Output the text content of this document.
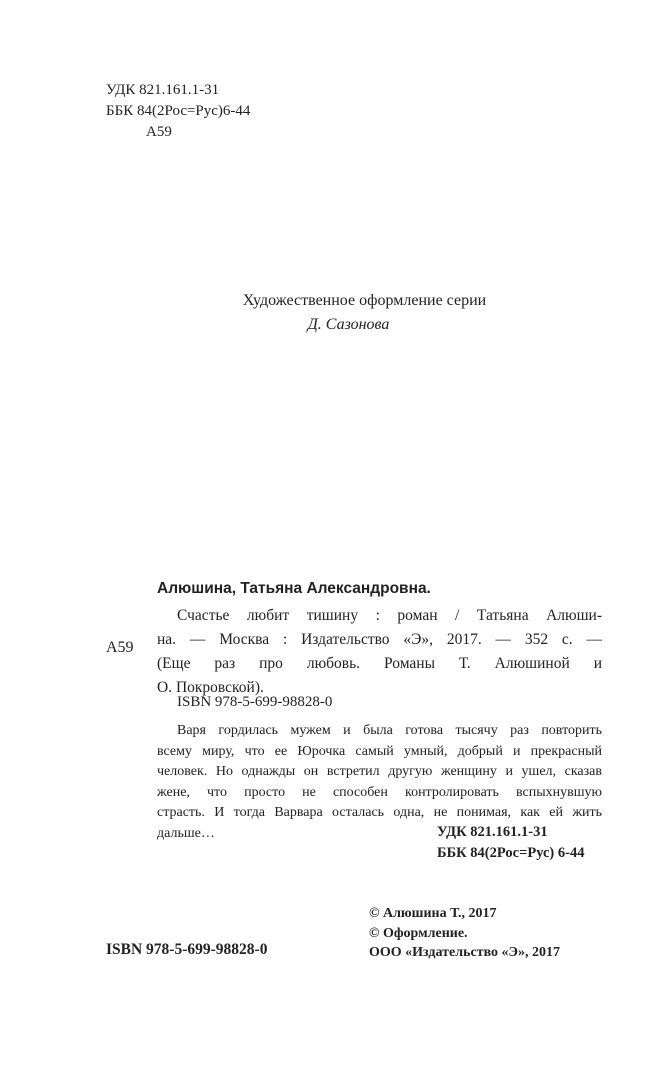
УДК 821.161.1-31
ББК 84(2Рос=Рус)6-44
А59
Художественное оформление серии
Д. Сазонова
Алюшина, Татьяна Александровна.
А59
Счастье любит тишину : роман / Татьяна Алюши-
на. — Москва : Издательство «Э», 2017. — 352 с. —
(Еще раз про любовь. Романы Т. Алюшиной и
О. Покровской).
ISBN 978-5-699-98828-0
Варя гордилась мужем и была готова тысячу раз повторить
всему миру, что ее Юрочка самый умный, добрый и прекрасный
человек. Но однажды он встретил другую женщину и ушел, сказав
жене, что просто не способен контролировать вспыхнувшую
страсть. И тогда Варвара осталась одна, не понимая, как ей жить
дальше…	УДК 821.161.1-31
ББК 84(2Рос=Рус) 6-44
© Алюшина Т., 2017
© Оформление.
ООО «Издательство «Э», 2017
ISBN 978-5-699-98828-0
